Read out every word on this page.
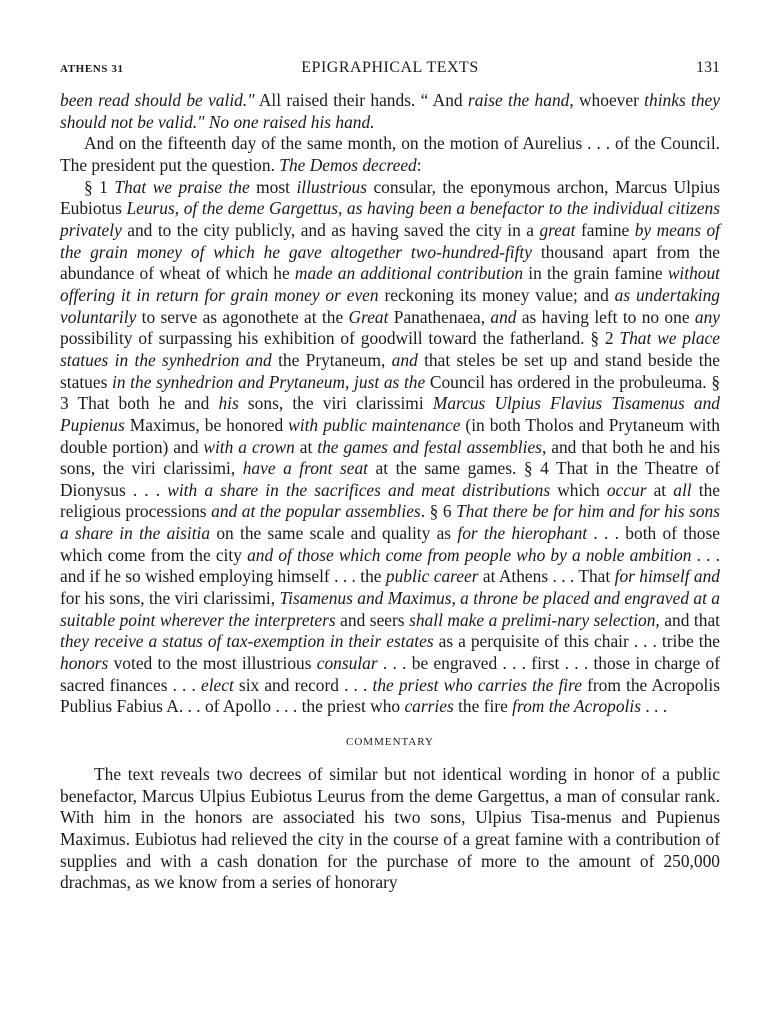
ATHENS 31	EPIGRAPHICAL TEXTS	131

been read should be valid." All raised their hands. “ And raise the hand, whoever thinks they should not be valid." No one raised his hand.

And on the fifteenth day of the same month, on the motion of Aurelius . . . of the Council. The president put the question. The Demos decreed:

§ 1 That we praise the most illustrious consular, the eponymous archon, Marcus Ulpius Eubiotus Leurus, of the deme Gargettus, as having been a benefactor to the individual citizens privately and to the city publicly, and as having saved the city in a great famine by means of the grain money of which he gave altogether two-hundred-fifty thousand apart from the abundance of wheat of which he made an additional contribution in the grain famine without offering it in return for grain money or even reckoning its money value; and as undertaking voluntarily to serve as agonothete at the Great Panathenaea, and as having left to no one any possibility of surpassing his exhibition of goodwill toward the fatherland. § 2 That we place statues in the synhedrion and the Prytaneum, and that steles be set up and stand beside the statues in the synhedrion and Prytaneum, just as the Council has ordered in the probuleuma. § 3 That both he and his sons, the viri clarissimi Marcus Ulpius Flavius Tisamenus and Pupienus Maximus, be honored with public maintenance (in both Tholos and Prytaneum with double portion) and with a crown at the games and festal assemblies, and that both he and his sons, the viri clarissimi, have a front seat at the same games. § 4 That in the Theatre of Dionysus . . . with a share in the sacrifices and meat distributions which occur at all the religious processions and at the popular assemblies. § 6 That there be for him and for his sons a share in the aisitia on the same scale and quality as for the hierophant . . . both of those which come from the city and of those which come from people who by a noble ambition . . . and if he so wished employing himself . . . the public career at Athens . . . That for himself and for his sons, the viri clarissimi, Tisamenus and Maximus, a throne be placed and engraved at a suitable point wherever the interpreters and seers shall make a prelimi-nary selection, and that they receive a status of tax-exemption in their estates as a perquisite of this chair . . . tribe the honors voted to the most illustrious consular . . . be engraved . . . first . . . those in charge of sacred finances . . . elect six and record . . . the priest who carries the fire from the Acropolis Publius Fabius A. . . of Apollo . . . the priest who carries the fire from the Acropolis . . .

COMMENTARY

The text reveals two decrees of similar but not identical wording in honor of a public benefactor, Marcus Ulpius Eubiotus Leurus from the deme Gargettus, a man of consular rank. With him in the honors are associated his two sons, Ulpius Tisa-menus and Pupienus Maximus. Eubiotus had relieved the city in the course of a great famine with a contribution of supplies and with a cash donation for the purchase of more to the amount of 250,000 drachmas, as we know from a series of honorary
